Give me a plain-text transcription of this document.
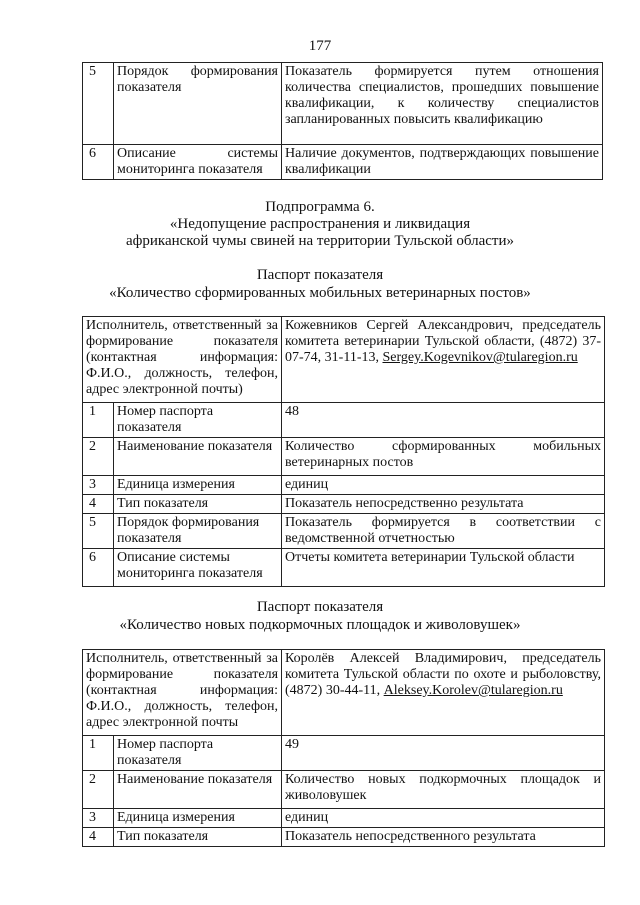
177
5	Порядок формирования показателя	Показатель формируется путем отношения количества специалистов, прошедших повышение квалификации, к количеству специалистов запланированных повысить квалификацию
6	Описание системы мониторинга показателя	Наличие документов, подтверждающих повышение квалификации
Подпрограмма 6.
«Недопущение распространения и ликвидация
африканской чумы свиней на территории Тульской области»
Паспорт показателя
«Количество сформированных мобильных ветеринарных постов»
Исполнитель, ответственный за формирование показателя (контактная информация: Ф.И.О., должность, телефон, адрес электронной почты)		Кожевников Сергей Александрович, председатель комитета ветеринарии Тульской области, (4872) 37-07-74, 31-11-13, Sergey.Kogevnikov@tularegion.ru
1	Номер паспорта показателя	48
2	Наименование показателя	Количество сформированных мобильных ветеринарных постов
3	Единица измерения	единиц
4	Тип показателя	Показатель непосредственно результата
5	Порядок формирования показателя	Показатель формируется в соответствии с ведомственной отчетностью
6	Описание системы мониторинга показателя	Отчеты комитета ветеринарии Тульской области
Паспорт показателя
«Количество новых подкормочных площадок и живоловушек»
Исполнитель, ответственный за формирование показателя (контактная информация: Ф.И.О., должность, телефон, адрес электронной почты		Королёв Алексей Владимирович, председатель комитета Тульской области по охоте и рыболовству, (4872) 30-44-11, Aleksey.Korolev@tularegion.ru
1	Номер паспорта показателя	49
2	Наименование показателя	Количество новых подкормочных площадок и живоловушек
3	Единица измерения	единиц
4	Тип показателя	Показатель непосредственного результата
